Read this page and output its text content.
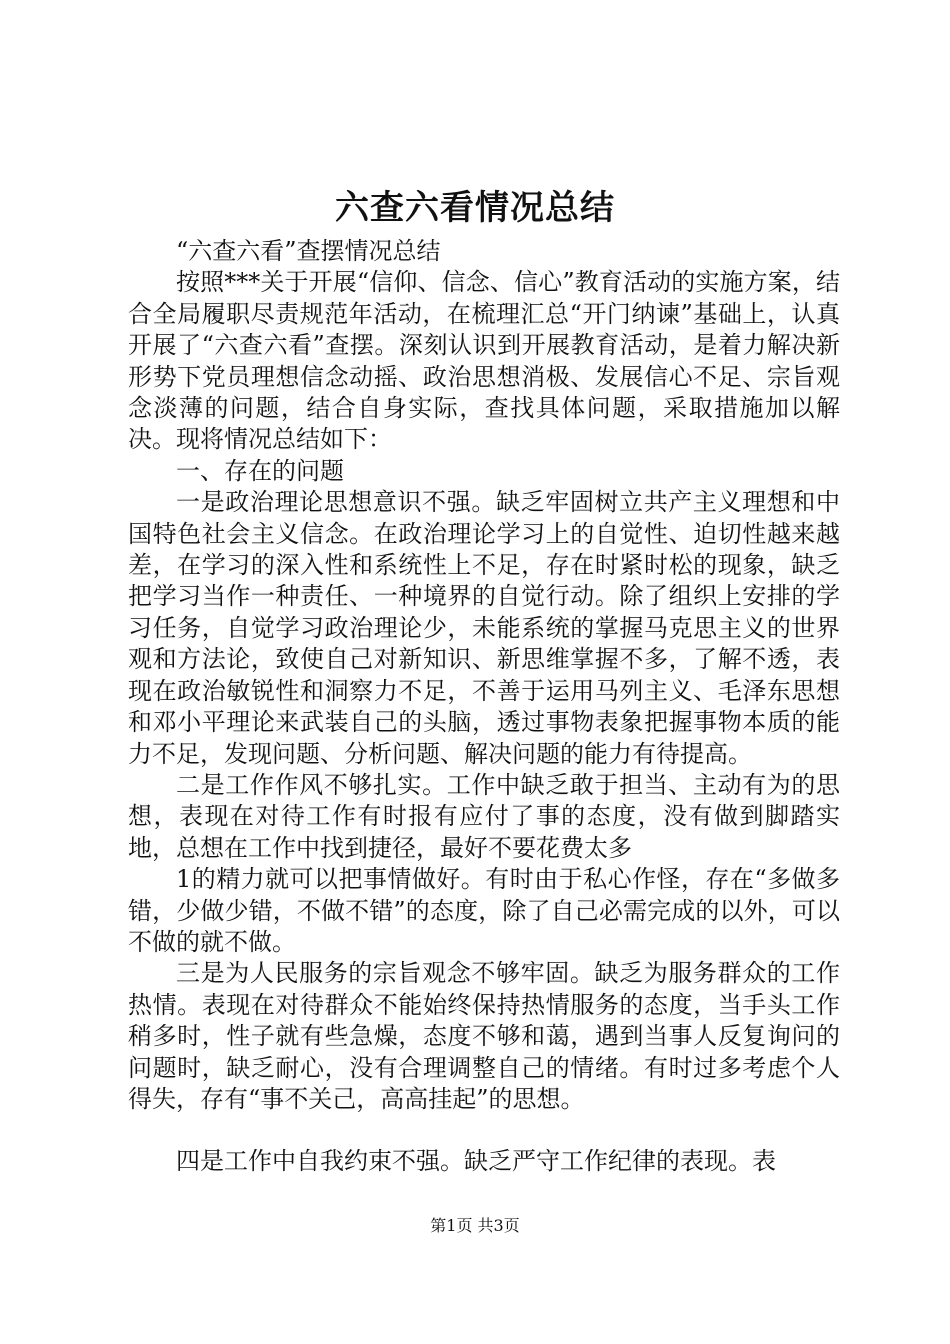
六查六看情况总结

“六查六看”查摆情况总结

按照***关于开展“信仰、信念、信心”教育活动的实施方案，结合全局履职尽责规范年活动，在梳理汇总“开门纳谏”基础上，认真开展了“六查六看”查摆。深刻认识到开展教育活动，是着力解决新形势下党员理想信念动摇、政治思想消极、发展信心不足、宗旨观念淡薄的问题，结合自身实际，查找具体问题，采取措施加以解决。现将情况总结如下：

一、存在的问题

一是政治理论思想意识不强。缺乏牢固树立共产主义理想和中国特色社会主义信念。在政治理论学习上的自觉性、迫切性越来越差，在学习的深入性和系统性上不足，存在时紧时松的现象，缺乏把学习当作一种责任、一种境界的自觉行动。除了组织上安排的学习任务，自觉学习政治理论少，未能系统的掌握马克思主义的世界观和方法论，致使自己对新知识、新思维掌握不多，了解不透，表现在政治敏锐性和洞察力不足，不善于运用马列主义、毛泽东思想和邓小平理论来武装自己的头脑，透过事物表象把握事物本质的能力不足，发现问题、分析问题、解决问题的能力有待提高。

二是工作作风不够扎实。工作中缺乏敢于担当、主动有为的思想，表现在对待工作有时报有应付了事的态度，没有做到脚踏实地，总想在工作中找到捷径，最好不要花费太多

1的精力就可以把事情做好。有时由于私心作怪，存在“多做多错，少做少错，不做不错”的态度，除了自己必需完成的以外，可以不做的就不做。

三是为人民服务的宗旨观念不够牢固。缺乏为服务群众的工作热情。表现在对待群众不能始终保持热情服务的态度，当手头工作稍多时，性子就有些急燥，态度不够和蔼，遇到当事人反复询问的问题时，缺乏耐心，没有合理调整自己的情绪。有时过多考虑个人得失，存有“事不关己，高高挂起”的思想。

四是工作中自我约束不强。缺乏严守工作纪律的表现。表

第1页 共3页
